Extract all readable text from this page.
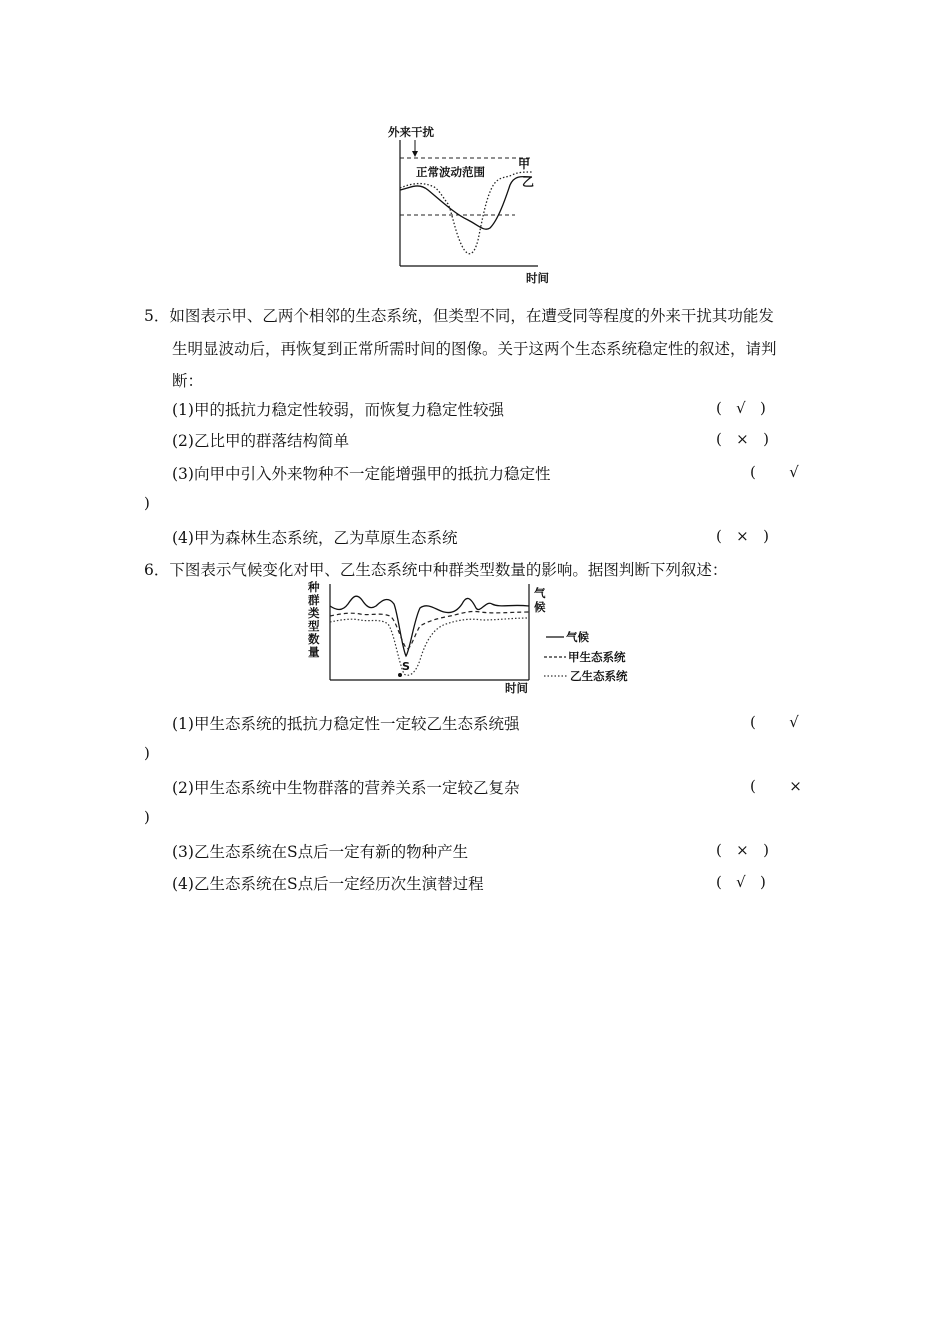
外来干扰
正常波动范围
甲
乙
时间
5．如图表示甲、乙两个相邻的生态系统，但类型不同，在遭受同等程度的外来干扰其功能发
生明显波动后，再恢复到正常所需时间的图像。关于这两个生态系统稳定性的叙述，请判
断：
(1)甲的抵抗力稳定性较弱，而恢复力稳定性较强	( √ )
(2)乙比甲的群落结构简单	( × )
(3)向甲中引入外来物种不一定能增强甲的抵抗力稳定性	( √
)
(4)甲为森林生态系统，乙为草原生态系统	( × )
6．下图表示气候变化对甲、乙生态系统中种群类型数量的影响。据图判断下列叙述：
种
群
类
型
数
量
气
候
S
时间
气候
甲生态系统
乙生态系统
(1)甲生态系统的抵抗力稳定性一定较乙生态系统强	( √
)
(2)甲生态系统中生物群落的营养关系一定较乙复杂	( ×
)
(3)乙生态系统在S点后一定有新的物种产生	( × )
(4)乙生态系统在S点后一定经历次生演替过程	( √ )
